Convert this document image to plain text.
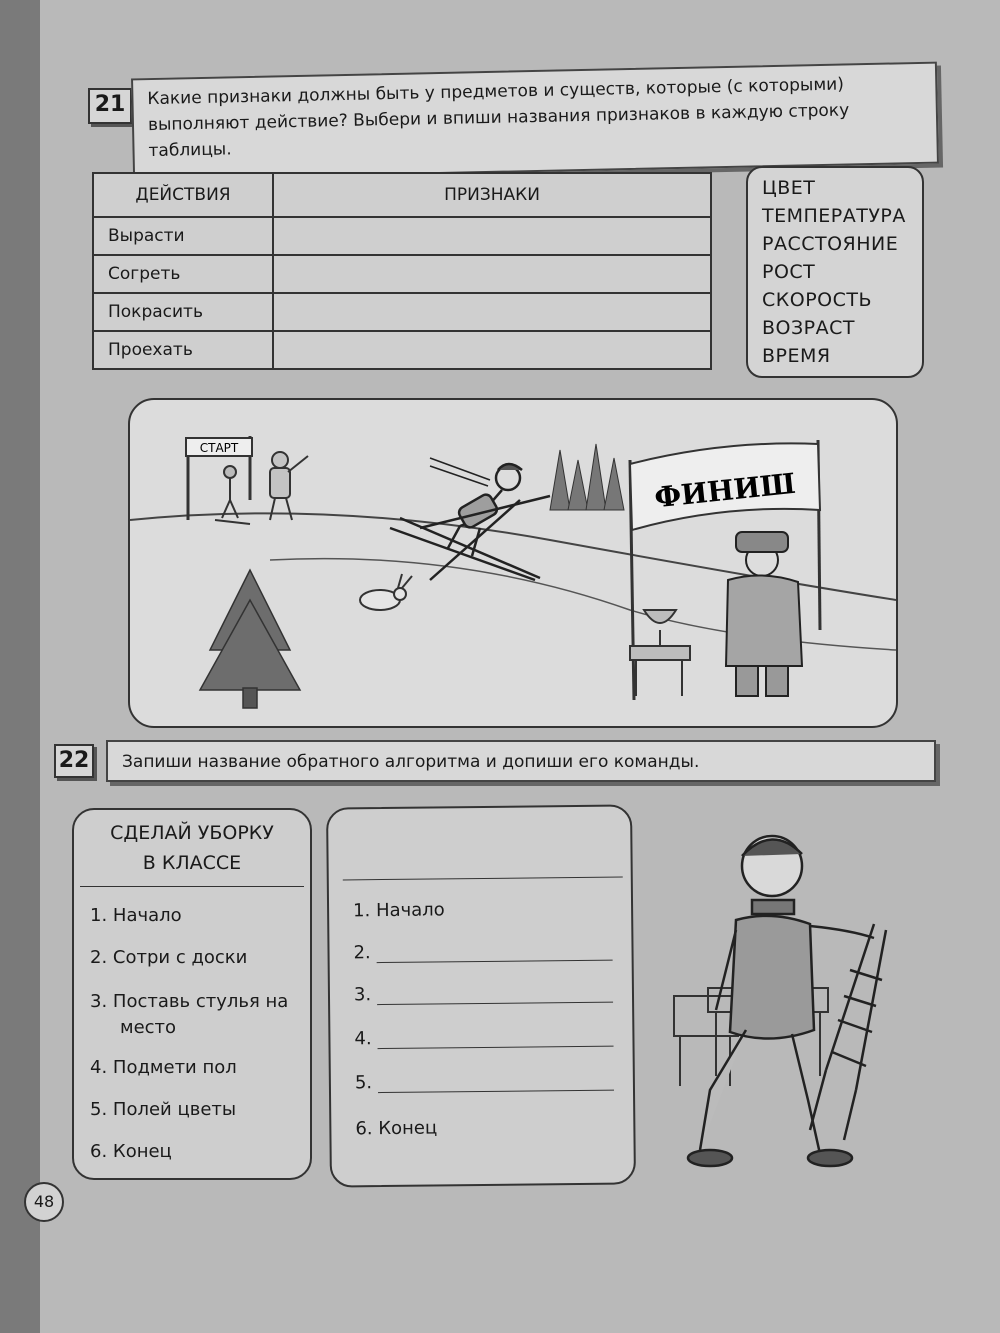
21	Какие признаки должны быть у предметов и существ, которые (с которыми) выполняют действие? Выбери и впиши названия признаков в каждую строку таблицы.
ДЕЙСТВИЯ	ПРИЗНАКИ
Вырасти	
Согреть	
Покрасить	
Проехать	
ЦВЕТ
ТЕМПЕРАТУРА
РАССТОЯНИЕ
РОСТ
СКОРОСТЬ
ВОЗРАСТ
ВРЕМЯ
СТАРТ
ФИНИШ
22	Запиши название обратного алгоритма и допиши его команды.
СДЕЛАЙ УБОРКУ
В КЛАССЕ
1. Начало
2. Сотри с доски
3. Поставь стулья на место
4. Подмети пол
5. Полей цветы
6. Конец
1. Начало
2.
3.
4.
5.
6. Конец
48
